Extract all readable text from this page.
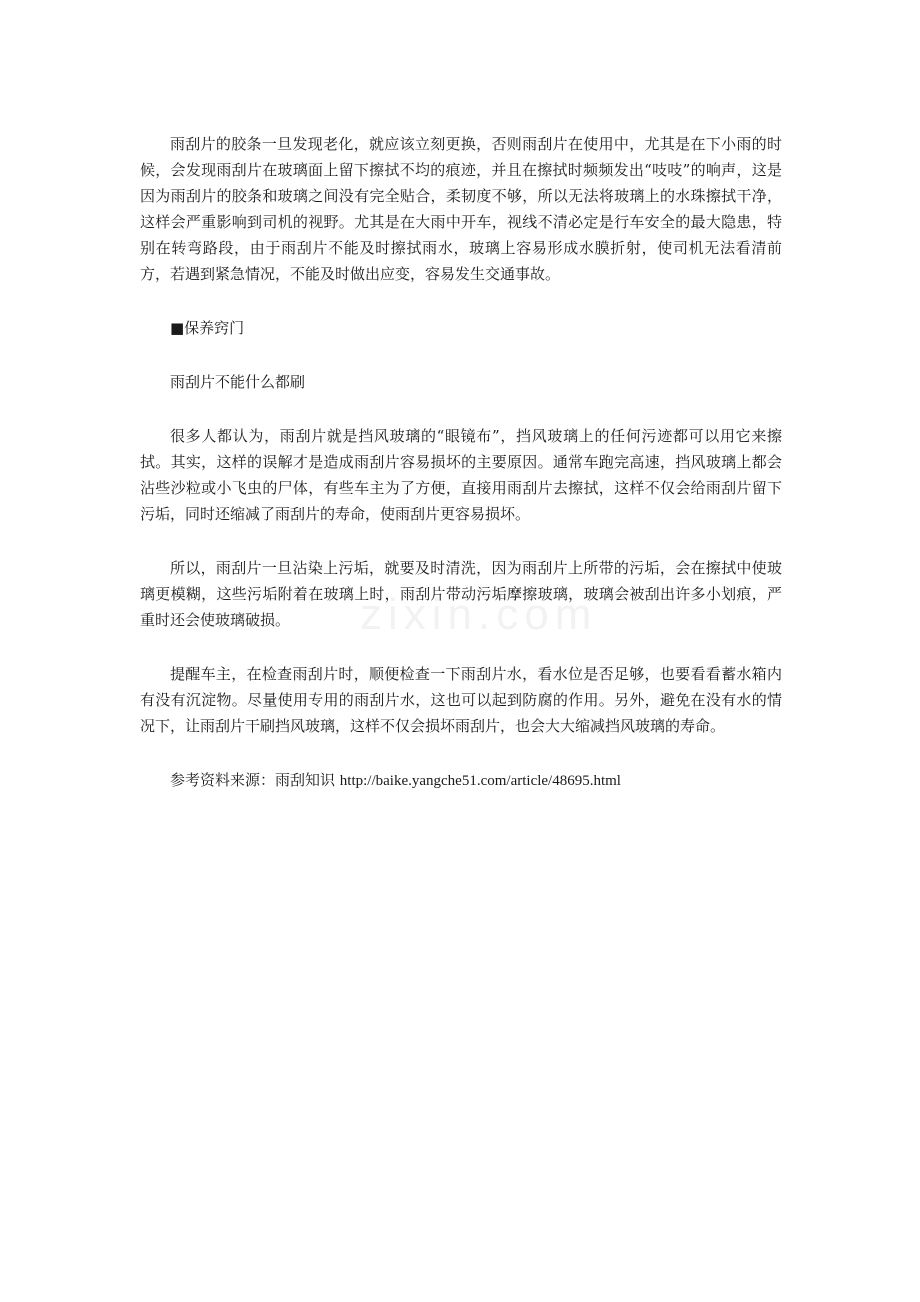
zixin.com

雨刮片的胶条一旦发现老化，就应该立刻更换，否则雨刮片在使用中，尤其是在下小雨的时候，会发现雨刮片在玻璃面上留下擦拭不均的痕迹，并且在擦拭时频频发出“吱吱”的响声，这是因为雨刮片的胶条和玻璃之间没有完全贴合，柔韧度不够，所以无法将玻璃上的水珠擦拭干净，这样会严重影响到司机的视野。尤其是在大雨中开车，视线不清必定是行车安全的最大隐患，特别在转弯路段，由于雨刮片不能及时擦拭雨水，玻璃上容易形成水膜折射，使司机无法看清前方，若遇到紧急情况，不能及时做出应变，容易发生交通事故。

■保养窍门

雨刮片不能什么都刷

很多人都认为，雨刮片就是挡风玻璃的“眼镜布”，挡风玻璃上的任何污迹都可以用它来擦拭。其实，这样的误解才是造成雨刮片容易损坏的主要原因。通常车跑完高速，挡风玻璃上都会沾些沙粒或小飞虫的尸体，有些车主为了方便，直接用雨刮片去擦拭，这样不仅会给雨刮片留下污垢，同时还缩减了雨刮片的寿命，使雨刮片更容易损坏。

所以，雨刮片一旦沾染上污垢，就要及时清洗，因为雨刮片上所带的污垢，会在擦拭中使玻璃更模糊，这些污垢附着在玻璃上时，雨刮片带动污垢摩擦玻璃，玻璃会被刮出许多小划痕，严重时还会使玻璃破损。

提醒车主，在检查雨刮片时，顺便检查一下雨刮片水，看水位是否足够，也要看看蓄水箱内有没有沉淀物。尽量使用专用的雨刮片水，这也可以起到防腐的作用。另外，避免在没有水的情况下，让雨刮片干刷挡风玻璃，这样不仅会损坏雨刮片，也会大大缩减挡风玻璃的寿命。

参考资料来源：雨刮知识 http://baike.yangche51.com/article/48695.html
